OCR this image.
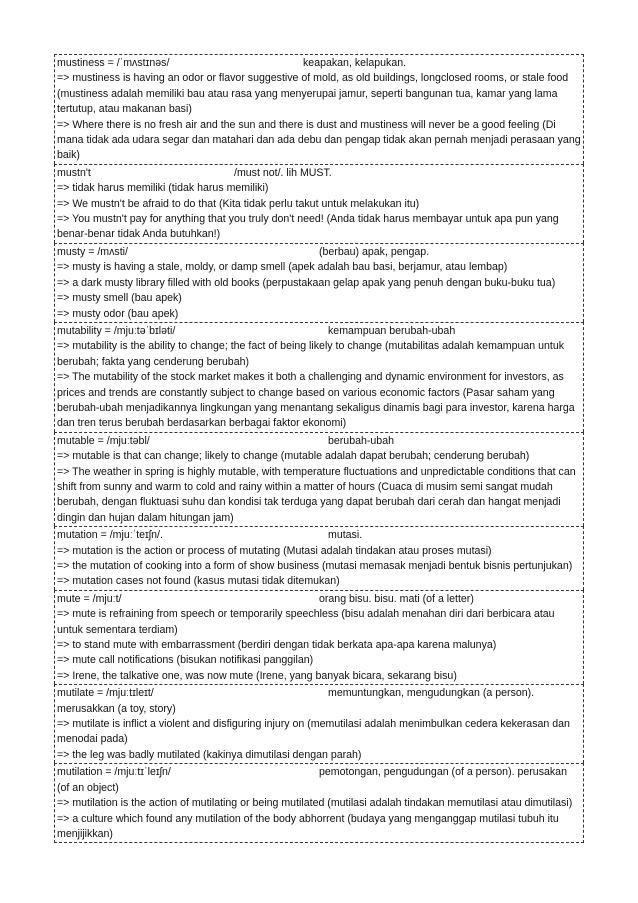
mustiness = /ˈmʌstɪnəs/	keapakan, kelapukan.

=> mustiness is having an odor or flavor suggestive of mold, as old buildings, longclosed rooms, or stale food (mustiness adalah memiliki bau atau rasa yang menyerupai jamur, seperti bangunan tua, kamar yang lama tertutup, atau makanan basi)

=> Where there is no fresh air and the sun and there is dust and mustiness will never be a good feeling (Di mana tidak ada udara segar dan matahari dan ada debu dan pengap tidak akan pernah menjadi perasaan yang baik)

mustn't	/must not/. lih MUST.

=> tidak harus memiliki (tidak harus memiliki)

=> We mustn't be afraid to do that (Kita tidak perlu takut untuk melakukan itu)

=> You mustn't pay for anything that you truly don't need! (Anda tidak harus membayar untuk apa pun yang benar-benar tidak Anda butuhkan!)

musty = /mʌsti/	(berbau) apak, pengap.

=> musty is having a stale, moldy, or damp smell (apek adalah bau basi, berjamur, atau lembap)

=> a dark musty library filled with old books (perpustakaan gelap apak yang penuh dengan buku-buku tua)

=> musty smell (bau apek)

=> musty odor (bau apek)

mutability = /mjuːtəˈbɪləti/	kemampuan berubah-ubah

=> mutability is the ability to change; the fact of being likely to change (mutabilitas adalah kemampuan untuk berubah; fakta yang cenderung berubah)

=> The mutability of the stock market makes it both a challenging and dynamic environment for investors, as prices and trends are constantly subject to change based on various economic factors (Pasar saham yang berubah-ubah menjadikannya lingkungan yang menantang sekaligus dinamis bagi para investor, karena harga dan tren terus berubah berdasarkan berbagai faktor ekonomi)

mutable = /mjuːtəbl/	berubah-ubah

=> mutable is that can change; likely to change (mutable adalah dapat berubah; cenderung berubah)

=> The weather in spring is highly mutable, with temperature fluctuations and unpredictable conditions that can shift from sunny and warm to cold and rainy within a matter of hours (Cuaca di musim semi sangat mudah berubah, dengan fluktuasi suhu dan kondisi tak terduga yang dapat berubah dari cerah dan hangat menjadi dingin dan hujan dalam hitungan jam)

mutation = /mjuːˈteɪʃn/.	mutasi.

=> mutation is the action or process of mutating (Mutasi adalah tindakan atau proses mutasi)

=> the mutation of cooking into a form of show business (mutasi memasak menjadi bentuk bisnis pertunjukan)

=> mutation cases not found (kasus mutasi tidak ditemukan)

mute = /mjuːt/	orang bisu. bisu. mati (of a letter)

=> mute is refraining from speech or temporarily speechless (bisu adalah menahan diri dari berbicara atau untuk sementara terdiam)

=> to stand mute with embarrassment (berdiri dengan tidak berkata apa-apa karena malunya)

=> mute call notifications (bisukan notifikasi panggilan)

=> Irene, the talkative one, was now mute (Irene, yang banyak bicara, sekarang bisu)

mutilate = /mjuːtɪleɪt/	memuntungkan, mengudungkan (a person).

merusakkan (a toy, story)

=> mutilate is inflict a violent and disfiguring injury on (memutilasi adalah menimbulkan cedera kekerasan dan menodai pada)

=> the leg was badly mutilated (kakinya dimutilasi dengan parah)

mutilation = /mjuːtɪˈleɪʃn/	pemotongan, pengudungan (of a person). perusakan (of an object)

=> mutilation is the action of mutilating or being mutilated (mutilasi adalah tindakan memutilasi atau dimutilasi)

=> a culture which found any mutilation of the body abhorrent (budaya yang menganggap mutilasi tubuh itu menjijikkan)
